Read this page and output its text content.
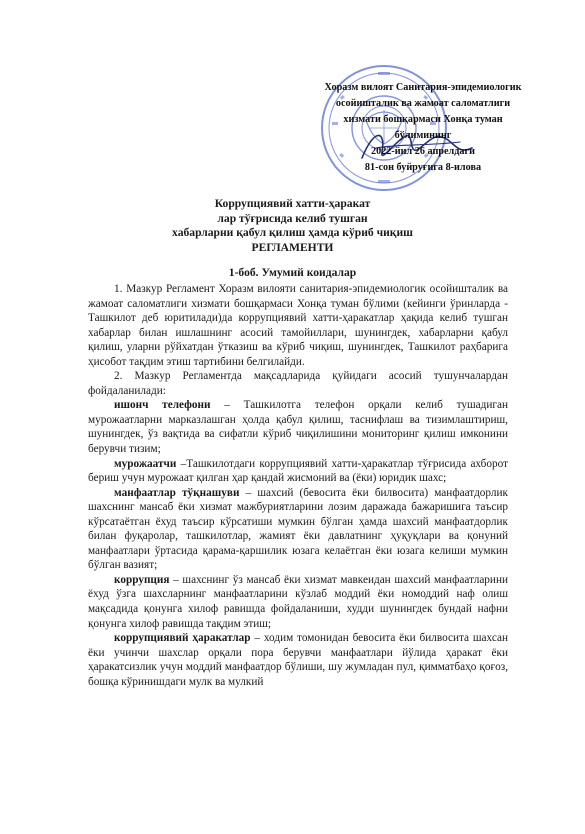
Хоразм вилоят Санитария-эпидемиологик
осойишталик ва жамоат саломатлиги
хизмати бошқармаси Хонқа туман
бўлимининг
2022-йил 26 апрелдаги
81-сон буйруғига 8-илова
Коррупциявий хатти-ҳаракат
лар тўғрисида келиб тушган
хабарларни қабул қилиш ҳамда кўриб чиқиш
РЕГЛАМЕНТИ
1-боб. Умумий коидалар

1. Мазкур Регламент Хоразм вилояти санитария-эпидемиологик осойишталик ва жамоат саломатлиги хизмати бошқармаси Хонқа туман бўлими (кейинги ўринларда - Ташкилот деб юритилади)да коррупциявий хатти-ҳаракатлар ҳақида келиб тушган хабарлар билан ишлашнинг асосий тамойиллари, шунингдек, хабарларни қабул қилиш, уларни рўйхатдан ўтказиш ва кўриб чиқиш, шунингдек, Ташкилот раҳбарига ҳисобот тақдим этиш тартибини белгилайди.

2. Мазкур Регламентда мақсадларида қуйидаги асосий тушунчалардан фойдаланилади:

ишонч телефони – Ташкилотга телефон орқали келиб тушадиган мурожаатларни марказлашган ҳолда қабул қилиш, таснифлаш ва тизимлаштириш, шунингдек, ўз вақтида ва сифатли кўриб чиқилишини мониторинг қилиш имконини берувчи тизим;

мурожаатчи –Ташкилотдаги коррупциявий хатти-ҳаракатлар тўғрисида ахборот бериш учун мурожаат қилган ҳар қандай жисмоний ва (ёки) юридик шахс;

манфаатлар тўқнашуви – шахсий (бевосита ёки билвосита) манфаатдорлик шахснинг мансаб ёки хизмат мажбуриятларини лозим даражада бажаришига таъсир кўрсатаётган ёхуд таъсир кўрсатиши мумкин бўлган ҳамда шахсий манфаатдорлик билан фуқаролар, ташкилотлар, жамият ёки давлатнинг ҳуқуқлари ва қонуний манфаатлари ўртасида қарама-қаршилик юзага келаётган ёки юзага келиши мумкин бўлган вазият;

коррупция – шахснинг ўз мансаб ёки хизмат мавкеидан шахсий манфаатларини ёхуд ўзга шахсларнинг манфаатларини кўзлаб моддий ёки номоддий наф олиш мақсадида қонунга хилоф равишда фойдаланиши, худди шунингдек бундай нафни қонунга хилоф равишда тақдим этиш;

коррупциявий ҳаракатлар – ходим томонидан бевосита ёки билвосита шахсан ёки учинчи шахслар орқали пора берувчи манфаатлари йўлида ҳаракат ёки ҳаракатсизлик учун моддий манфаатдор бўлиши, шу жумладан пул, қимматбаҳо қоғоз, бошқа кўринишдаги мулк ва мулкий
